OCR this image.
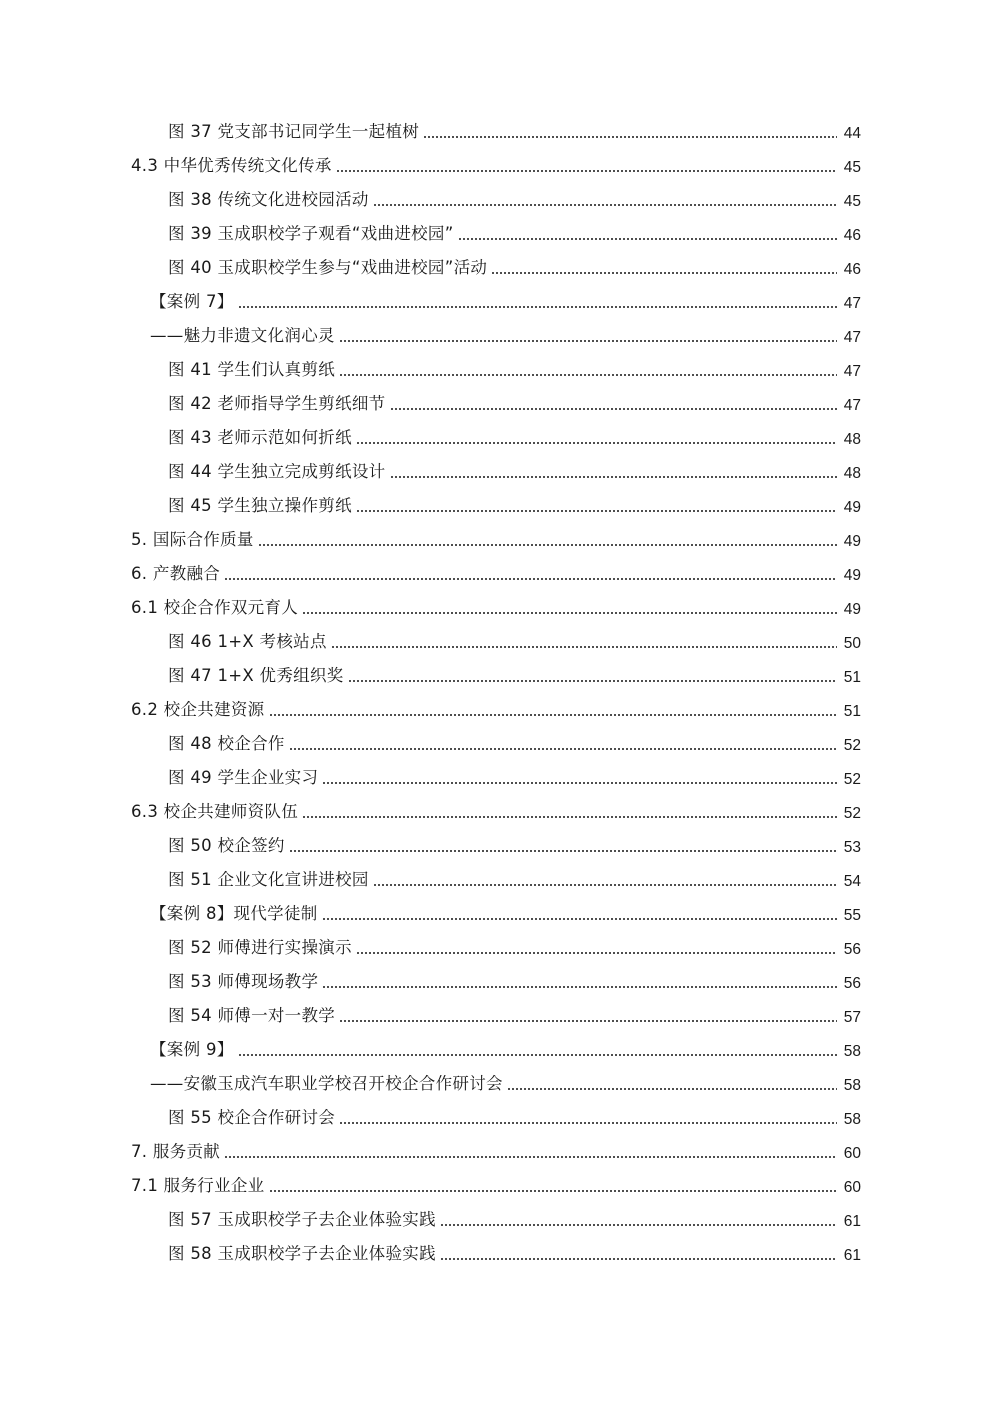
图 37 党支部书记同学生一起植树	44
4.3 中华优秀传统文化传承	45
图 38 传统文化进校园活动	45
图 39 玉成职校学子观看“戏曲进校园”	46
图 40 玉成职校学生参与“戏曲进校园”活动	46
【案例 7】	47
——魅力非遗文化润心灵	47
图 41 学生们认真剪纸	47
图 42 老师指导学生剪纸细节	47
图 43 老师示范如何折纸	48
图 44 学生独立完成剪纸设计	48
图 45 学生独立操作剪纸	49
5. 国际合作质量	49
6. 产教融合	49
6.1 校企合作双元育人	49
图 46 1+X 考核站点	50
图 47 1+X 优秀组织奖	51
6.2 校企共建资源	51
图 48 校企合作	52
图 49 学生企业实习	52
6.3 校企共建师资队伍	52
图 50 校企签约	53
图 51 企业文化宣讲进校园	54
【案例 8】现代学徒制	55
图 52 师傅进行实操演示	56
图 53 师傅现场教学	56
图 54 师傅一对一教学	57
【案例 9】	58
——安徽玉成汽车职业学校召开校企合作研讨会	58
图 55 校企合作研讨会	58
7. 服务贡献	60
7.1 服务行业企业	60
图 57 玉成职校学子去企业体验实践	61
图 58 玉成职校学子去企业体验实践	61
